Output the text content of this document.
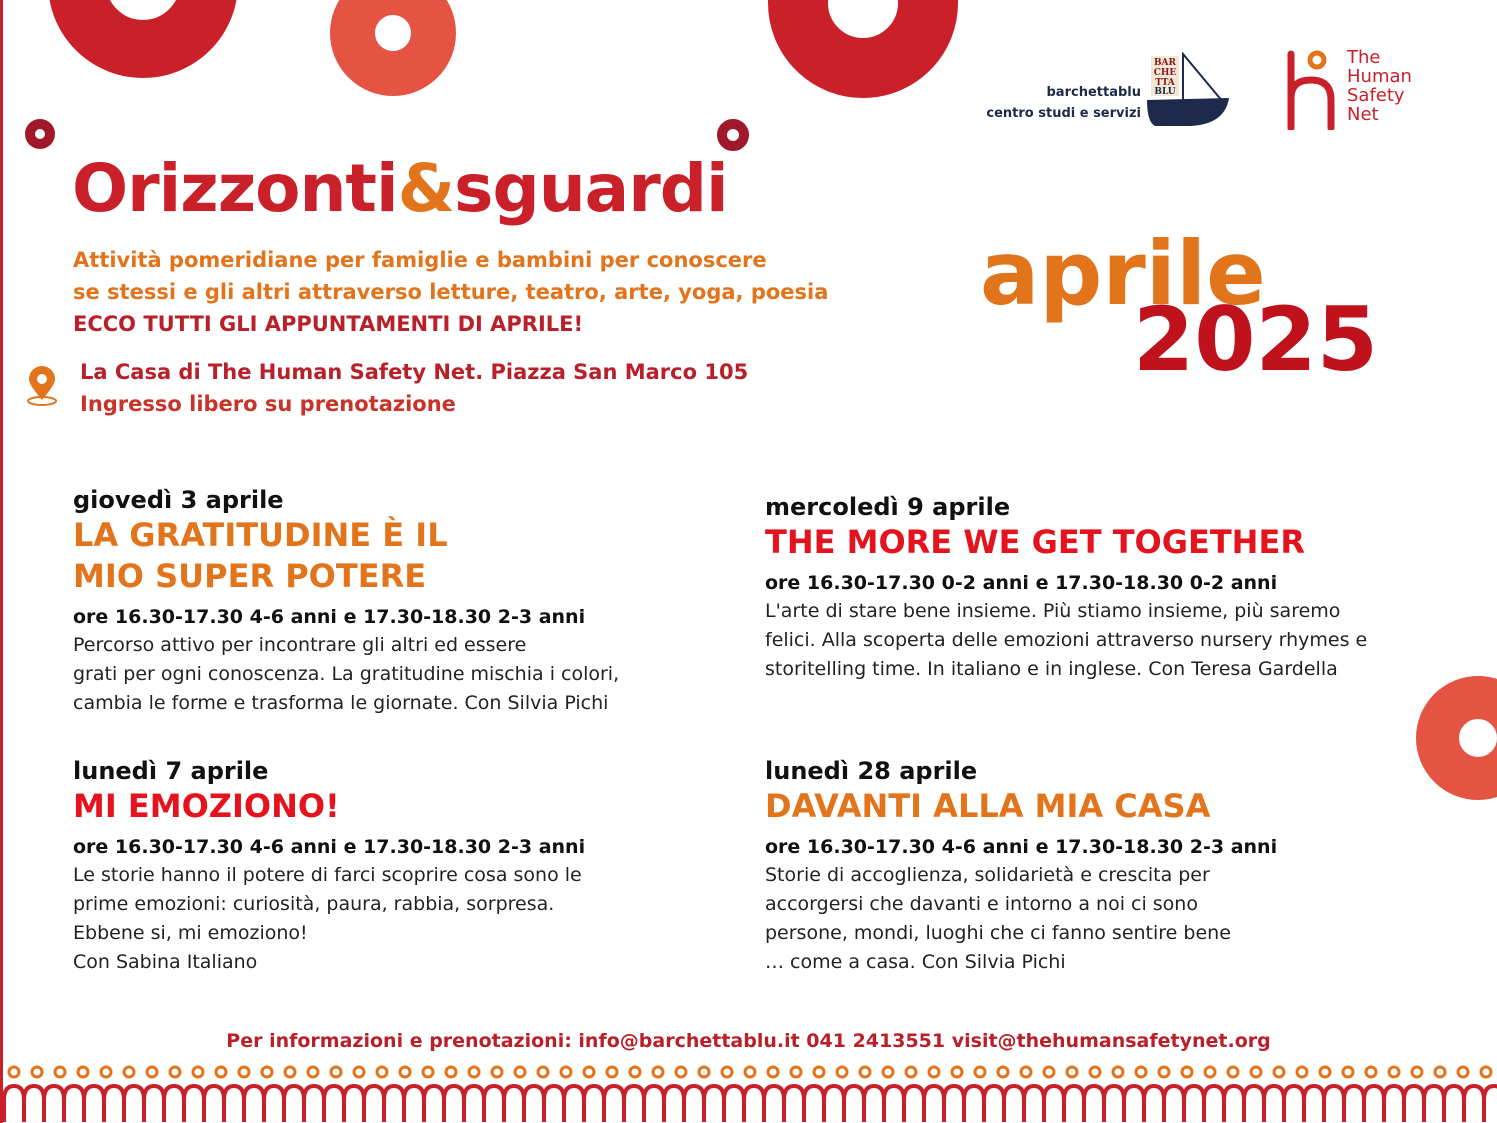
barchettablu
centro studi e servizi
BAR
CHE
TTA
BLU
The
Human
Safety
Net
Orizzonti&sguardi
Attività pomeridiane per famiglie e bambini per conoscere
se stessi e gli altri attraverso letture, teatro, arte, yoga, poesia
ECCO TUTTI GLI APPUNTAMENTI DI APRILE!	aprile
2025
La Casa di The Human Safety Net. Piazza San Marco 105
Ingresso libero su prenotazione
giovedì 3 aprile
LA GRATITUDINE È IL
MIO SUPER POTERE
ore 16.30-17.30 4-6 anni e 17.30-18.30 2-3 anni
Percorso attivo per incontrare gli altri ed essere
grati per ogni conoscenza. La gratitudine mischia i colori,
cambia le forme e trasforma le giornate. Con Silvia Pichi
mercoledì 9 aprile
THE MORE WE GET TOGETHER
ore 16.30-17.30 0-2 anni e 17.30-18.30 0-2 anni
L'arte di stare bene insieme. Più stiamo insieme, più saremo
felici. Alla scoperta delle emozioni attraverso nursery rhymes e
storitelling time. In italiano e in inglese. Con Teresa Gardella
lunedì 7 aprile
MI EMOZIONO!
ore 16.30-17.30 4-6 anni e 17.30-18.30 2-3 anni
Le storie hanno il potere di farci scoprire cosa sono le
prime emozioni: curiosità, paura, rabbia, sorpresa.
Ebbene si, mi emoziono!
Con Sabina Italiano
lunedì 28 aprile
DAVANTI ALLA MIA CASA
ore 16.30-17.30 4-6 anni e 17.30-18.30 2-3 anni
Storie di accoglienza, solidarietà e crescita per
accorgersi che davanti e intorno a noi ci sono
persone, mondi, luoghi che ci fanno sentire bene
… come a casa. Con Silvia Pichi
Per informazioni e prenotazioni: info@barchettablu.it 041 2413551 visit@thehumansafetynet.org
